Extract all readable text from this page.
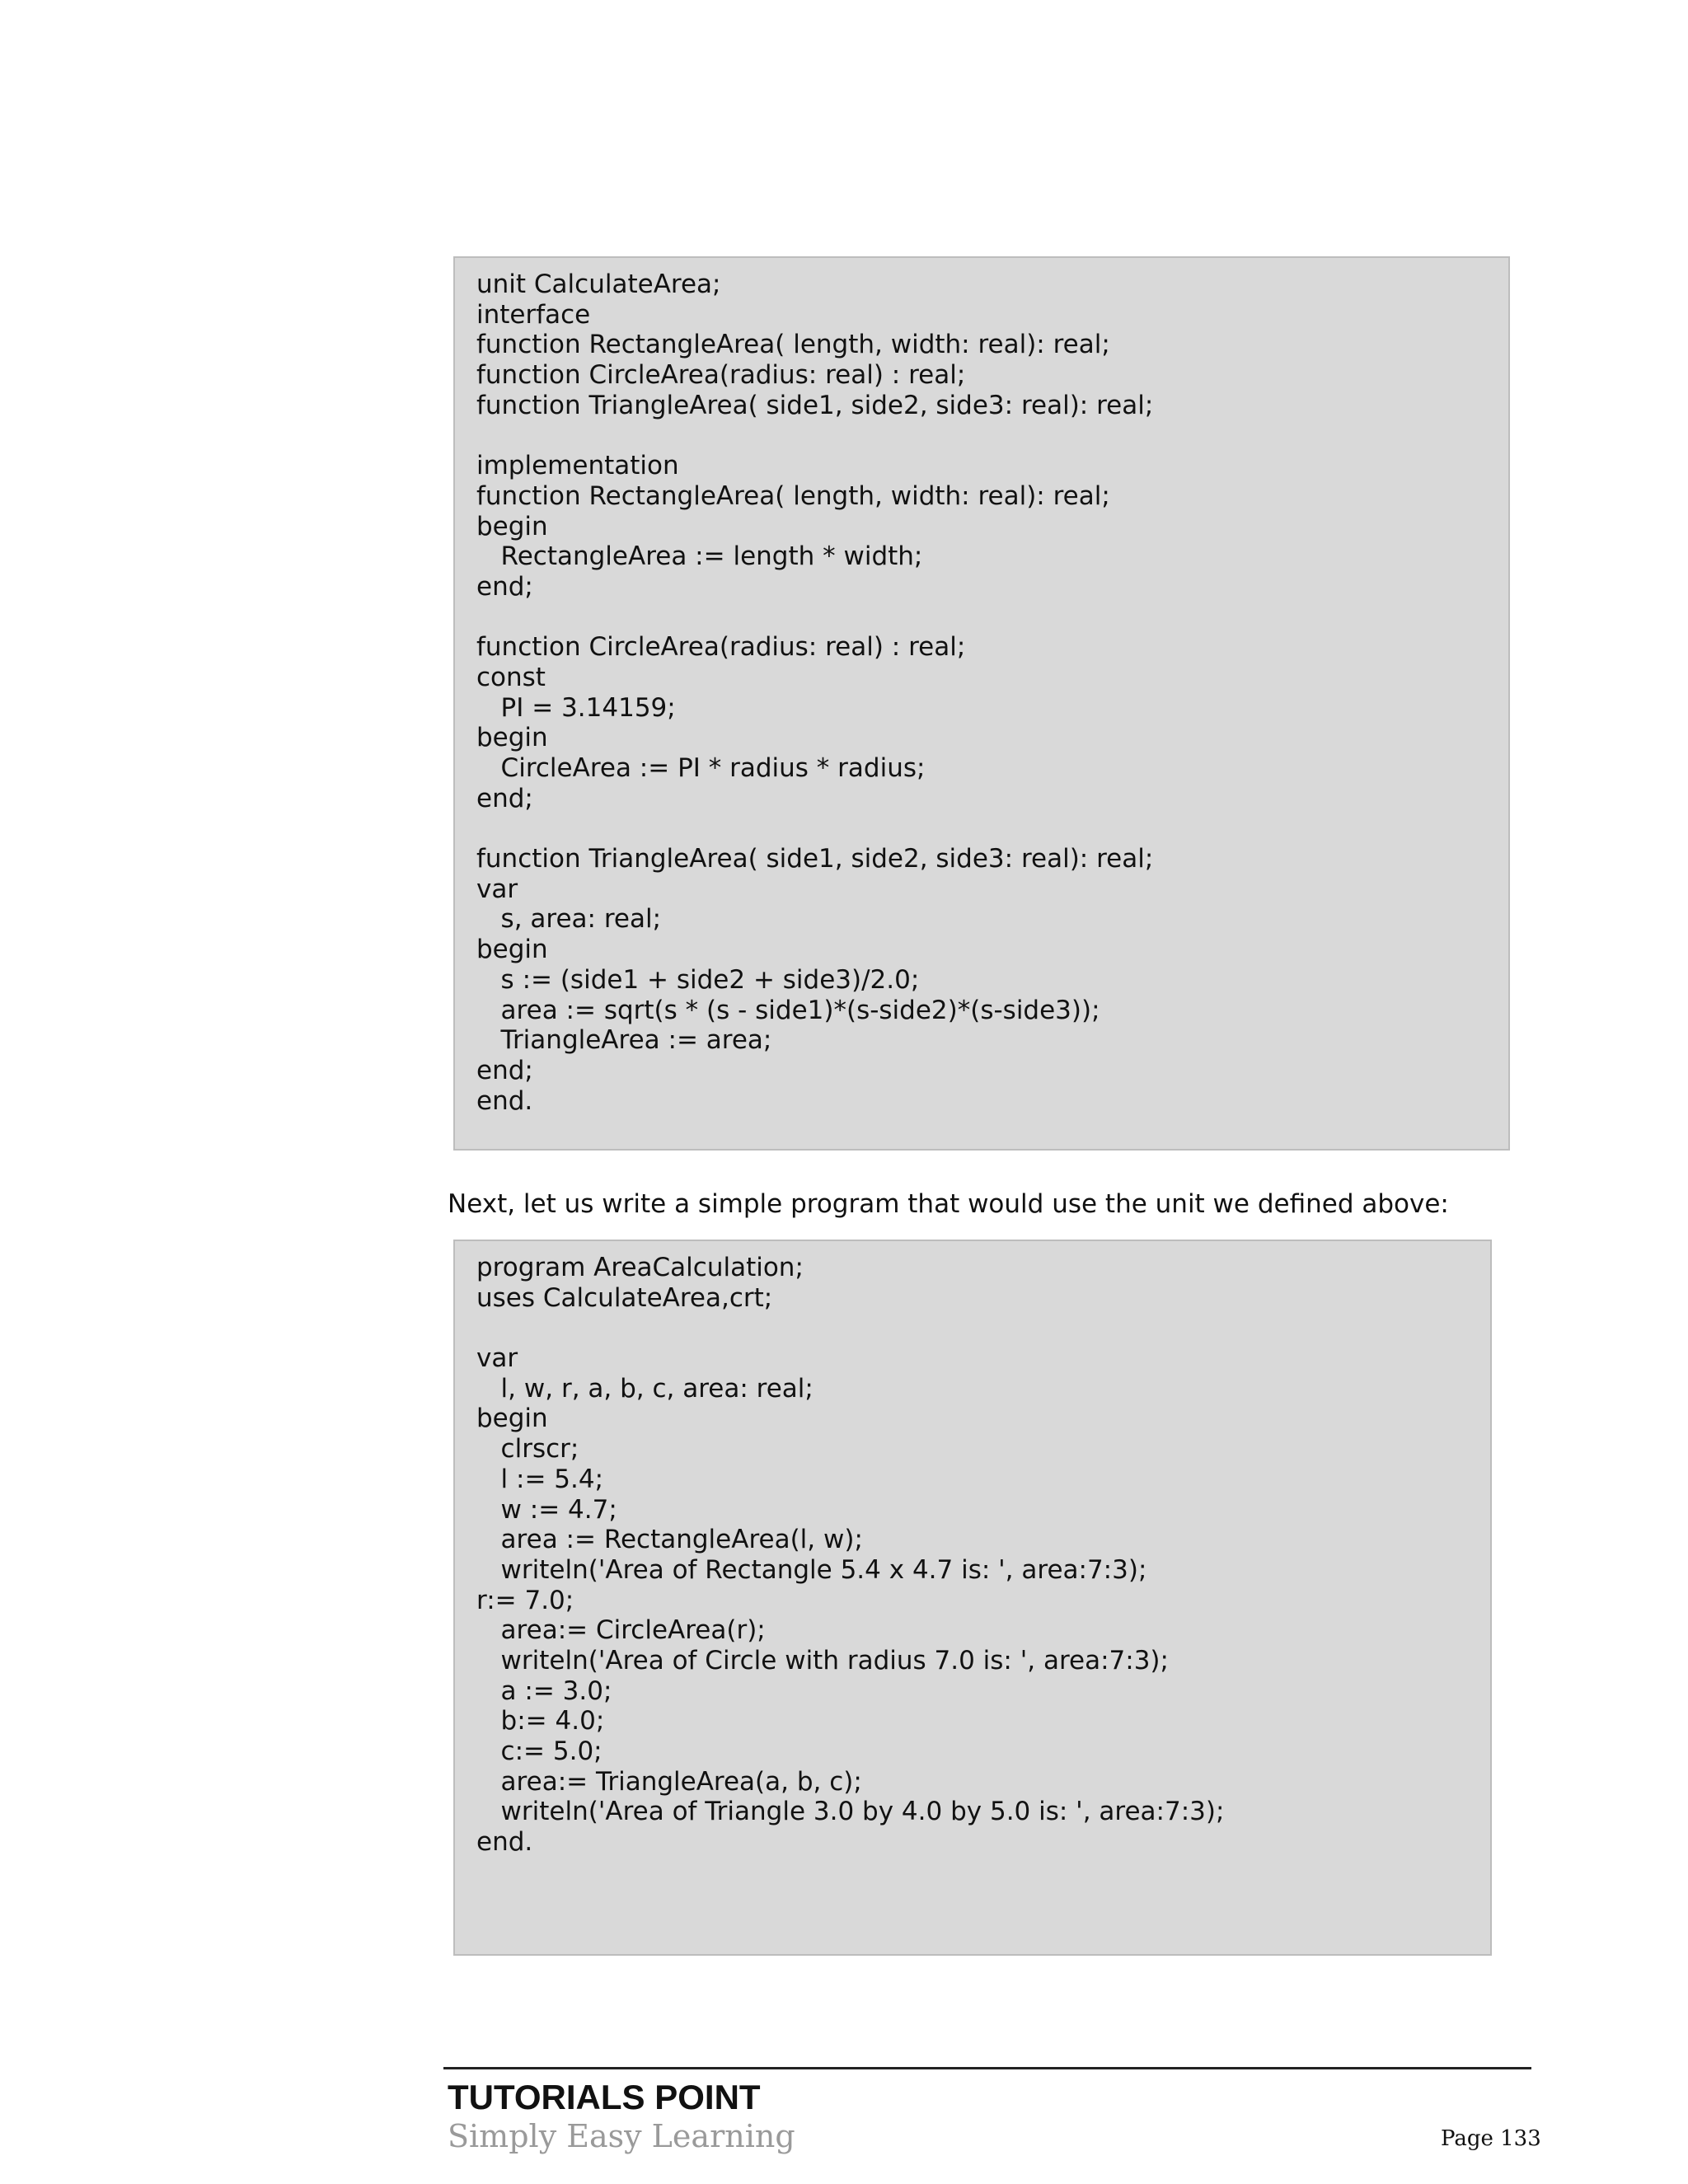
unit CalculateArea;
interface
function RectangleArea( length, width: real): real;
function CircleArea(radius: real) : real;
function TriangleArea( side1, side2, side3: real): real;
implementation
function RectangleArea( length, width: real): real;
begin
RectangleArea := length * width;
end;
function CircleArea(radius: real) : real;
const
PI = 3.14159;
begin
CircleArea := PI * radius * radius;
end;
function TriangleArea( side1, side2, side3: real): real;
var
s, area: real;
begin
s := (side1 + side2 + side3)/2.0;
area := sqrt(s * (s - side1)*(s-side2)*(s-side3));
TriangleArea := area;
end;
end.
Next, let us write a simple program that would use the unit we defined above:
program AreaCalculation;
uses CalculateArea,crt;
var
l, w, r, a, b, c, area: real;
begin
clrscr;
l := 5.4;
w := 4.7;
area := RectangleArea(l, w);
writeln('Area of Rectangle 5.4 x 4.7 is: ', area:7:3);
r:= 7.0;
area:= CircleArea(r);
writeln('Area of Circle with radius 7.0 is: ', area:7:3);
a := 3.0;
b:= 4.0;
c:= 5.0;
area:= TriangleArea(a, b, c);
writeln('Area of Triangle 3.0 by 4.0 by 5.0 is: ', area:7:3);
end.
TUTORIALS POINT
Simply Easy Learning	Page 133
